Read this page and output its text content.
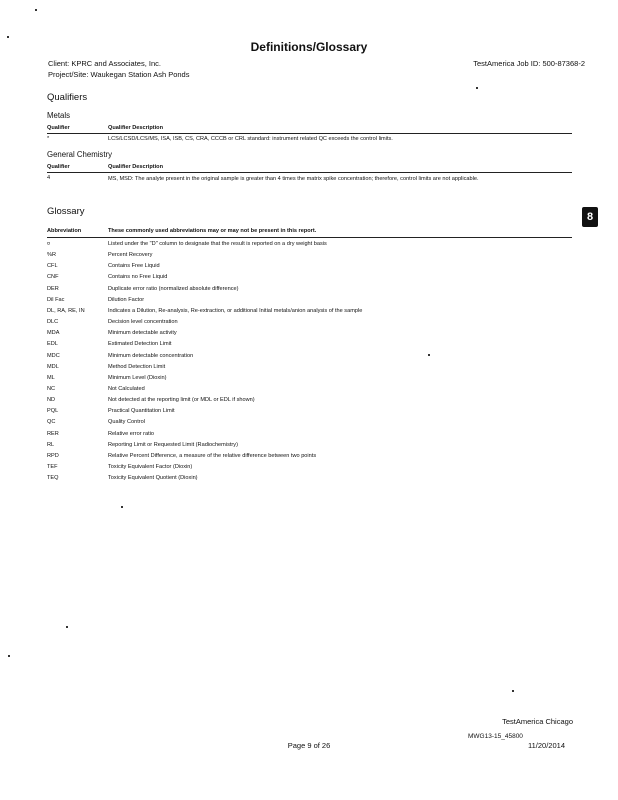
Definitions/Glossary
Client: KPRC and Associates, Inc.
Project/Site: Waukegan Station Ash Ponds
TestAmerica Job ID: 500-87368-2
Qualifiers
Metals
Qualifier	Qualifier Description
*	LCS/LCSD/LCS/MS, ISA, ISB, CS, CRA, CCCB or CRL standard: instrument related QC exceeds the control limits.
General Chemistry
Qualifier	Qualifier Description
4	MS, MSD: The analyte present in the original sample is greater than 4 times the matrix spike concentration; therefore, control limits are not applicable.
Glossary	8
Abbreviation	These commonly used abbreviations may or may not be present in this report.
¤	Listed under the "D" column to designate that the result is reported on a dry weight basis
%R	Percent Recovery
CFL	Contains Free Liquid
CNF	Contains no Free Liquid
DER	Duplicate error ratio (normalized absolute difference)
Dil Fac	Dilution Factor
DL, RA, RE, IN	Indicates a Dilution, Re-analysis, Re-extraction, or additional Initial metals/anion analysis of the sample
DLC	Decision level concentration
MDA	Minimum detectable activity
EDL	Estimated Detection Limit
MDC	Minimum detectable concentration
MDL	Method Detection Limit
ML	Minimum Level (Dioxin)
NC	Not Calculated
ND	Not detected at the reporting limit (or MDL or EDL if shown)
PQL	Practical Quantitation Limit
QC	Quality Control
RER	Relative error ratio
RL	Reporting Limit or Requested Limit (Radiochemistry)
RPD	Relative Percent Difference, a measure of the relative difference between two points
TEF	Toxicity Equivalent Factor (Dioxin)
TEQ	Toxicity Equivalent Quotient (Dioxin)
TestAmerica Chicago
MWG13-15_45800
Page 9 of 26	11/20/2014
